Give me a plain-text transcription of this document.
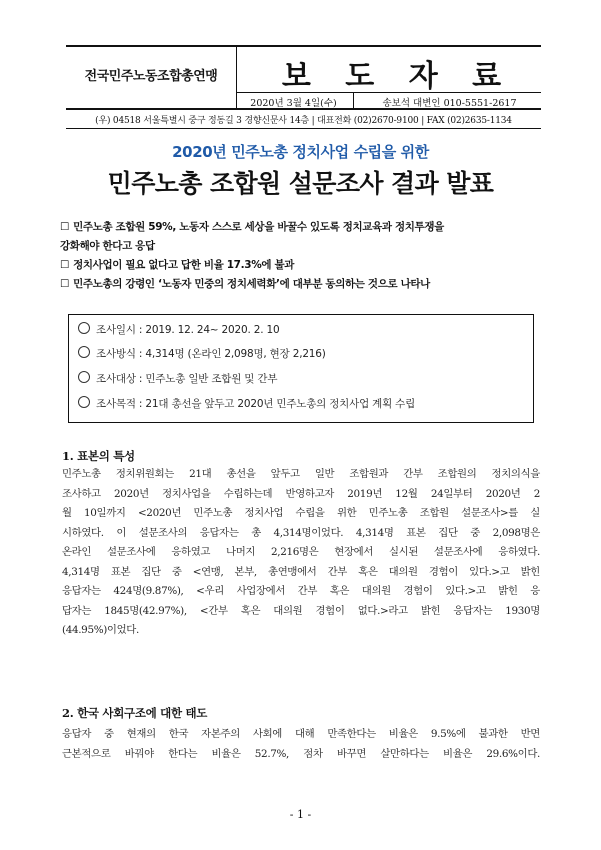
전국민주노동조합총연맹	보 도 자 료
2020년 3월 4일(수)	송보석 대변인 010-5551-2617
(우) 04518 서울특별시 중구 정동길 3 경향신문사 14층 | 대표전화 (02)2670-9100 | FAX (02)2635-1134
2020년 민주노총 정치사업 수립을 위한
민주노총 조합원 설문조사 결과 발표
☐ 민주노총 조합원 59%, 노동자 스스로 세상을 바꿀수 있도록 정치교육과 정치투쟁을
강화해야 한다고 응답
☐ 정치사업이 필요 없다고 답한 비율 17.3%에 불과
☐ 민주노총의 강령인 ‘노동자 민중의 정치세력화’에 대부분 동의하는 것으로 나타나
조사일시 : 2019. 12. 24~ 2020. 2. 10
조사방식 : 4,314명 (온라인 2,098명, 현장 2,216)
조사대상 : 민주노총 일반 조합원 및 간부
조사목적 : 21대 총선을 앞두고 2020년 민주노총의 정치사업 계획 수립
1. 표본의 특성
민주노총 정치위원회는 21대 총선을 앞두고 일반 조합원과 간부 조합원의 정치의식을
조사하고 2020년 정치사업을 수립하는데 반영하고자 2019년 12월 24일부터 2020년 2
월 10일까지 <2020년 민주노총 정치사업 수립을 위한 민주노총 조합원 설문조사>를 실
시하였다. 이 설문조사의 응답자는 총 4,314명이었다. 4,314명 표본 집단 중 2,098명은
온라인 설문조사에 응하였고 나머지 2,216명은 현장에서 실시된 설문조사에 응하였다.
4,314명 표본 집단 중 <연맹, 본부, 총연맹에서 간부 혹은 대의원 경험이 있다.>고 밝힌
응답자는 424명(9.87%), <우리 사업장에서 간부 혹은 대의원 경험이 있다.>고 밝힌 응
답자는 1845명(42.97%), <간부 혹은 대의원 경험이 없다.>라고 밝힌 응답자는 1930명
(44.95%)이었다.
2. 한국 사회구조에 대한 태도
응답자 중 현재의 한국 자본주의 사회에 대해 만족한다는 비율은 9.5%에 불과한 반면
근본적으로 바꿔야 한다는 비율은 52.7%, 점차 바꾸면 살만하다는 비율은 29.6%이다.
- 1 -
